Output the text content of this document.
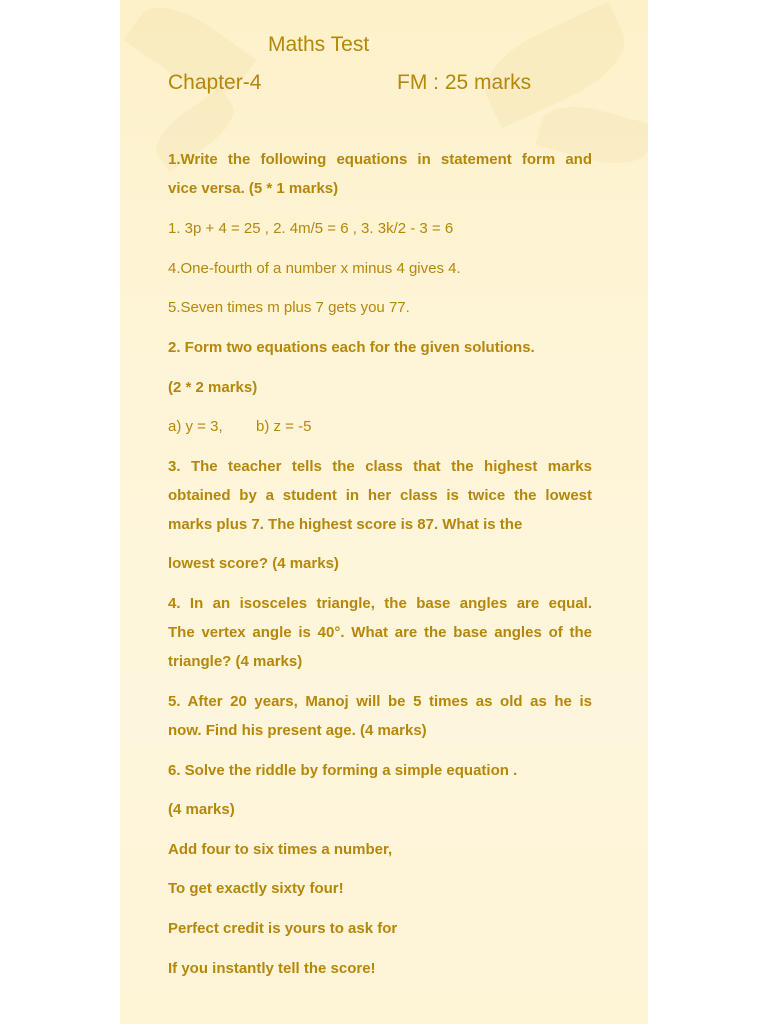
Maths Test

Chapter-4	FM : 25 marks

1.Write the following equations in statement form and

vice versa. (5 * 1 marks)

1. 3p + 4 = 25 , 2. 4m/5 = 6 , 3. 3k/2 - 3 = 6

4.One-fourth of a number x minus 4 gives 4.

5.Seven times m plus 7 gets you 77.

2. Form two equations each for the given solutions.

(2 * 2 marks)

a) y = 3, b) z = -5

3. The teacher tells the class that the highest marks

obtained by a student in her class is twice the lowest

marks plus 7. The highest score is 87. What is the

lowest score? (4 marks)

4. In an isosceles triangle, the base angles are equal.

The vertex angle is 40°. What are the base angles of the

triangle? (4 marks)

5. After 20 years, Manoj will be 5 times as old as he is

now. Find his present age. (4 marks)

6. Solve the riddle by forming a simple equation .

(4 marks)

Add four to six times a number,

To get exactly sixty four!

Perfect credit is yours to ask for

If you instantly tell the score!
